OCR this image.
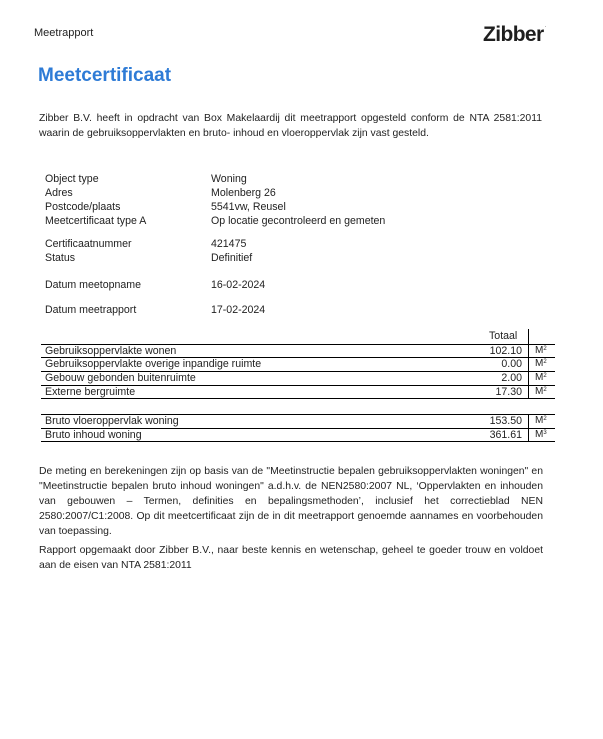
Meetrapport	Zibber.
Meetcertificaat
Zibber B.V. heeft in opdracht van Box Makelaardij dit meetrapport opgesteld conform de NTA 2581:2011 waarin de gebruiksoppervlakten en bruto- inhoud en vloeroppervlak zijn vast gesteld.
Object type	Woning
Adres	Molenberg 26
Postcode/plaats	5541vw, Reusel
Meetcertificaat type A	Op locatie gecontroleerd en gemeten
Certificaatnummer	421475
Status	Definitief
Datum meetopname	16-02-2024
Datum meetrapport	17-02-2024
Totaal
Gebruiksoppervlakte wonen	102.10 $M^2$
Gebruiksoppervlakte overige inpandige ruimte	0.00 $M^2$
Gebouw gebonden buitenruimte	2.00 $M^2$
Externe bergruimte	17.30 $M^2$
Bruto vloeroppervlak woning	153.50 $M^2$
Bruto inhoud woning	361.61 $M^3$
De meting en berekeningen zijn op basis van de "Meetinstructie bepalen gebruiksoppervlakten woningen" en "Meetinstructie bepalen bruto inhoud woningen" a.d.h.v. de NEN2580:2007 NL, ‘Oppervlakten en inhouden van gebouwen – Termen, definities en bepalingsmethoden’, inclusief het correctieblad NEN 2580:2007/C1:2008. Op dit meetcertificaat zijn de in dit meetrapport genoemde aannames en voorbehouden van toepassing.
Rapport opgemaakt door Zibber B.V., naar beste kennis en wetenschap, geheel te goeder trouw en voldoet aan de eisen van NTA 2581:2011
